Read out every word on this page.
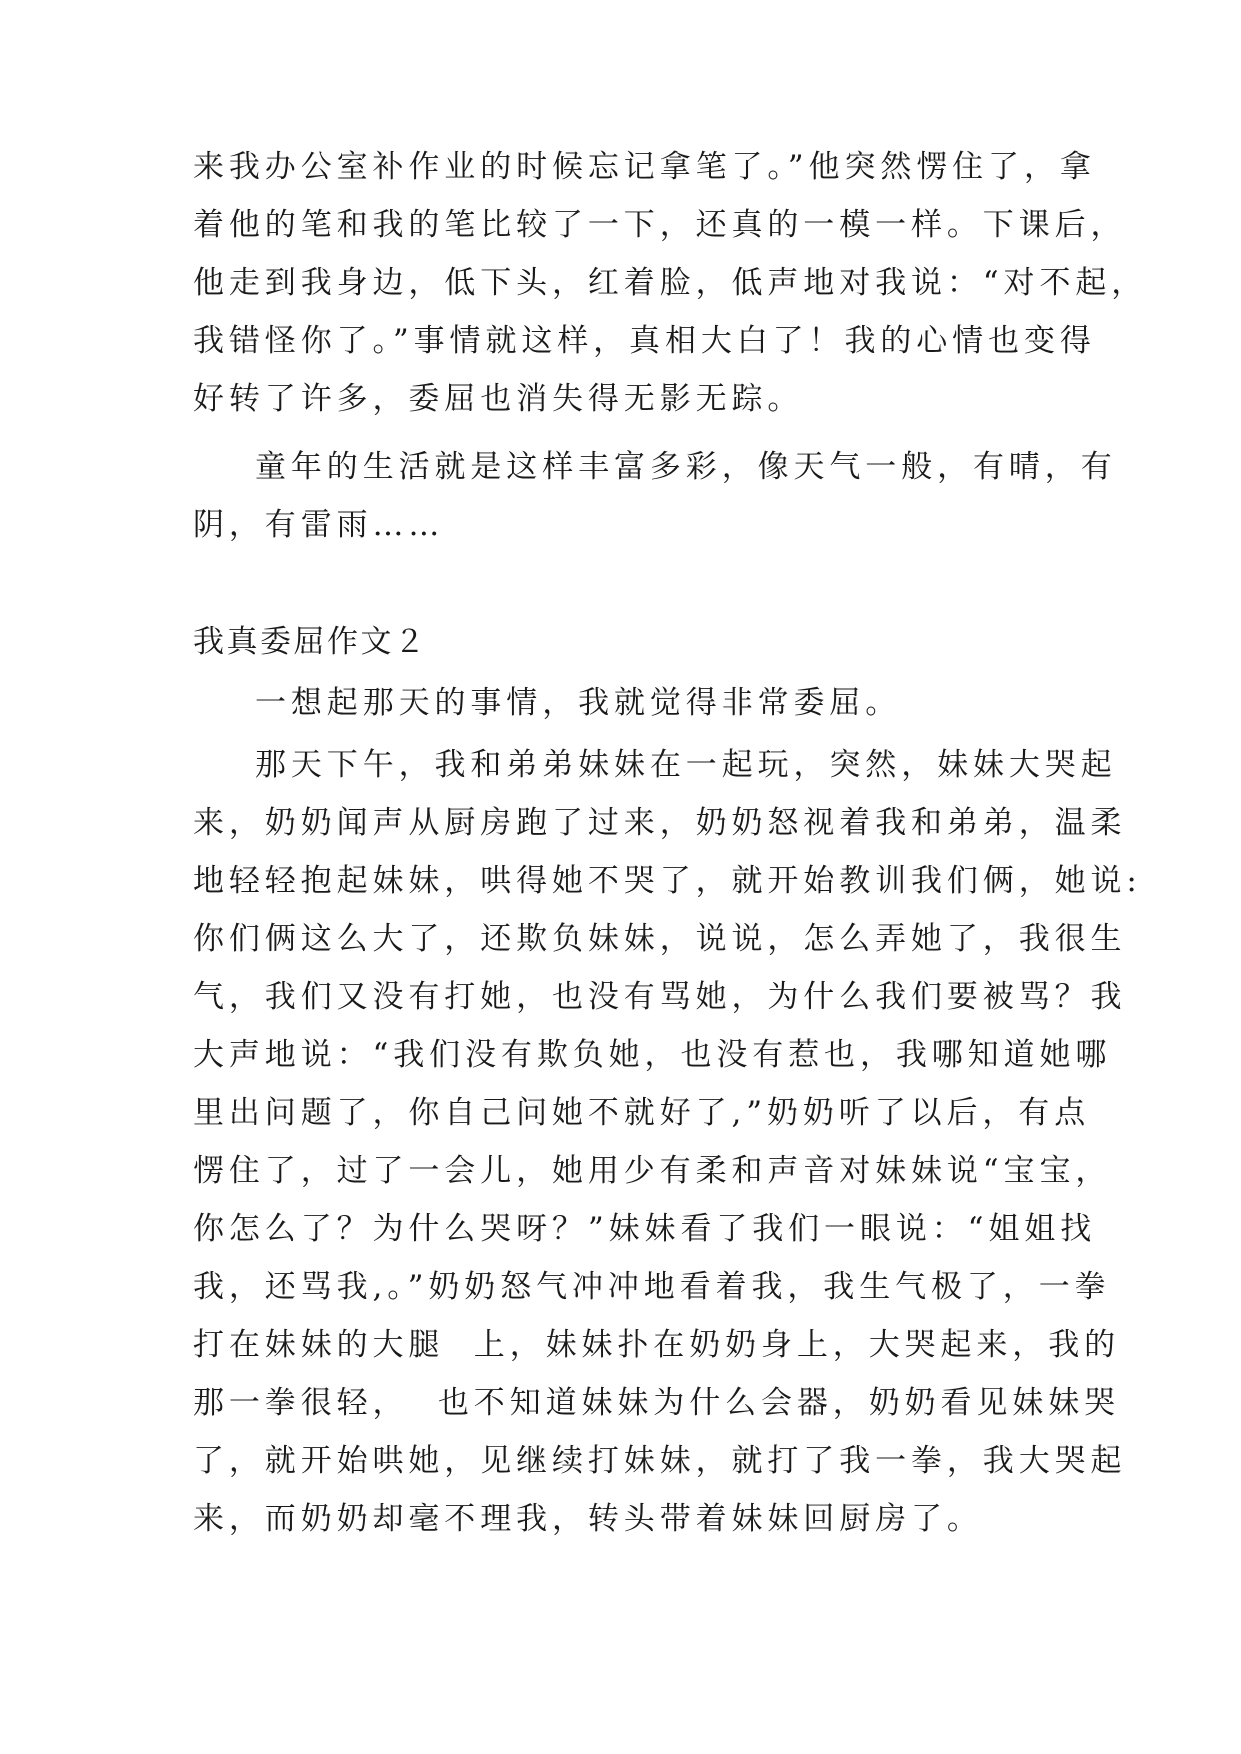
来我办公室补作业的时候忘记拿笔了。”他突然愣住了，拿
着他的笔和我的笔比较了一下，还真的一模一样。下课后，
他走到我身边，低下头，红着脸，低声地对我说：“对不起，
我错怪你了。”事情就这样，真相大白了！我的心情也变得
好转了许多，委屈也消失得无影无踪。
童年的生活就是这样丰富多彩，像天气一般，有晴，有
阴，有雷雨……
我真委屈作文２
一想起那天的事情，我就觉得非常委屈。
那天下午，我和弟弟妹妹在一起玩，突然，妹妹大哭起
来，奶奶闻声从厨房跑了过来，奶奶怒视着我和弟弟，温柔
地轻轻抱起妹妹，哄得她不哭了，就开始教训我们俩，她说:
你们俩这么大了，还欺负妹妹，说说，怎么弄她了，我很生
气，我们又没有打她，也没有骂她，为什么我们要被骂？我
大声地说：“我们没有欺负她，也没有惹也，我哪知道她哪
里出问题了，你自己问她不就好了,”奶奶听了以后，有点
愣住了，过了一会儿，她用少有柔和声音对妹妹说“宝宝，
你怎么了？为什么哭呀？”妹妹看了我们一眼说：“姐姐找
我，还骂我,。”奶奶怒气冲冲地看着我，我生气极了，一拳
打在妹妹的大腿  上，妹妹扑在奶奶身上，大哭起来，我的
那一拳很轻，  也不知道妹妹为什么会器，奶奶看见妹妹哭
了，就开始哄她，见继续打妹妹，就打了我一拳，我大哭起
来，而奶奶却毫不理我，转头带着妹妹回厨房了。
